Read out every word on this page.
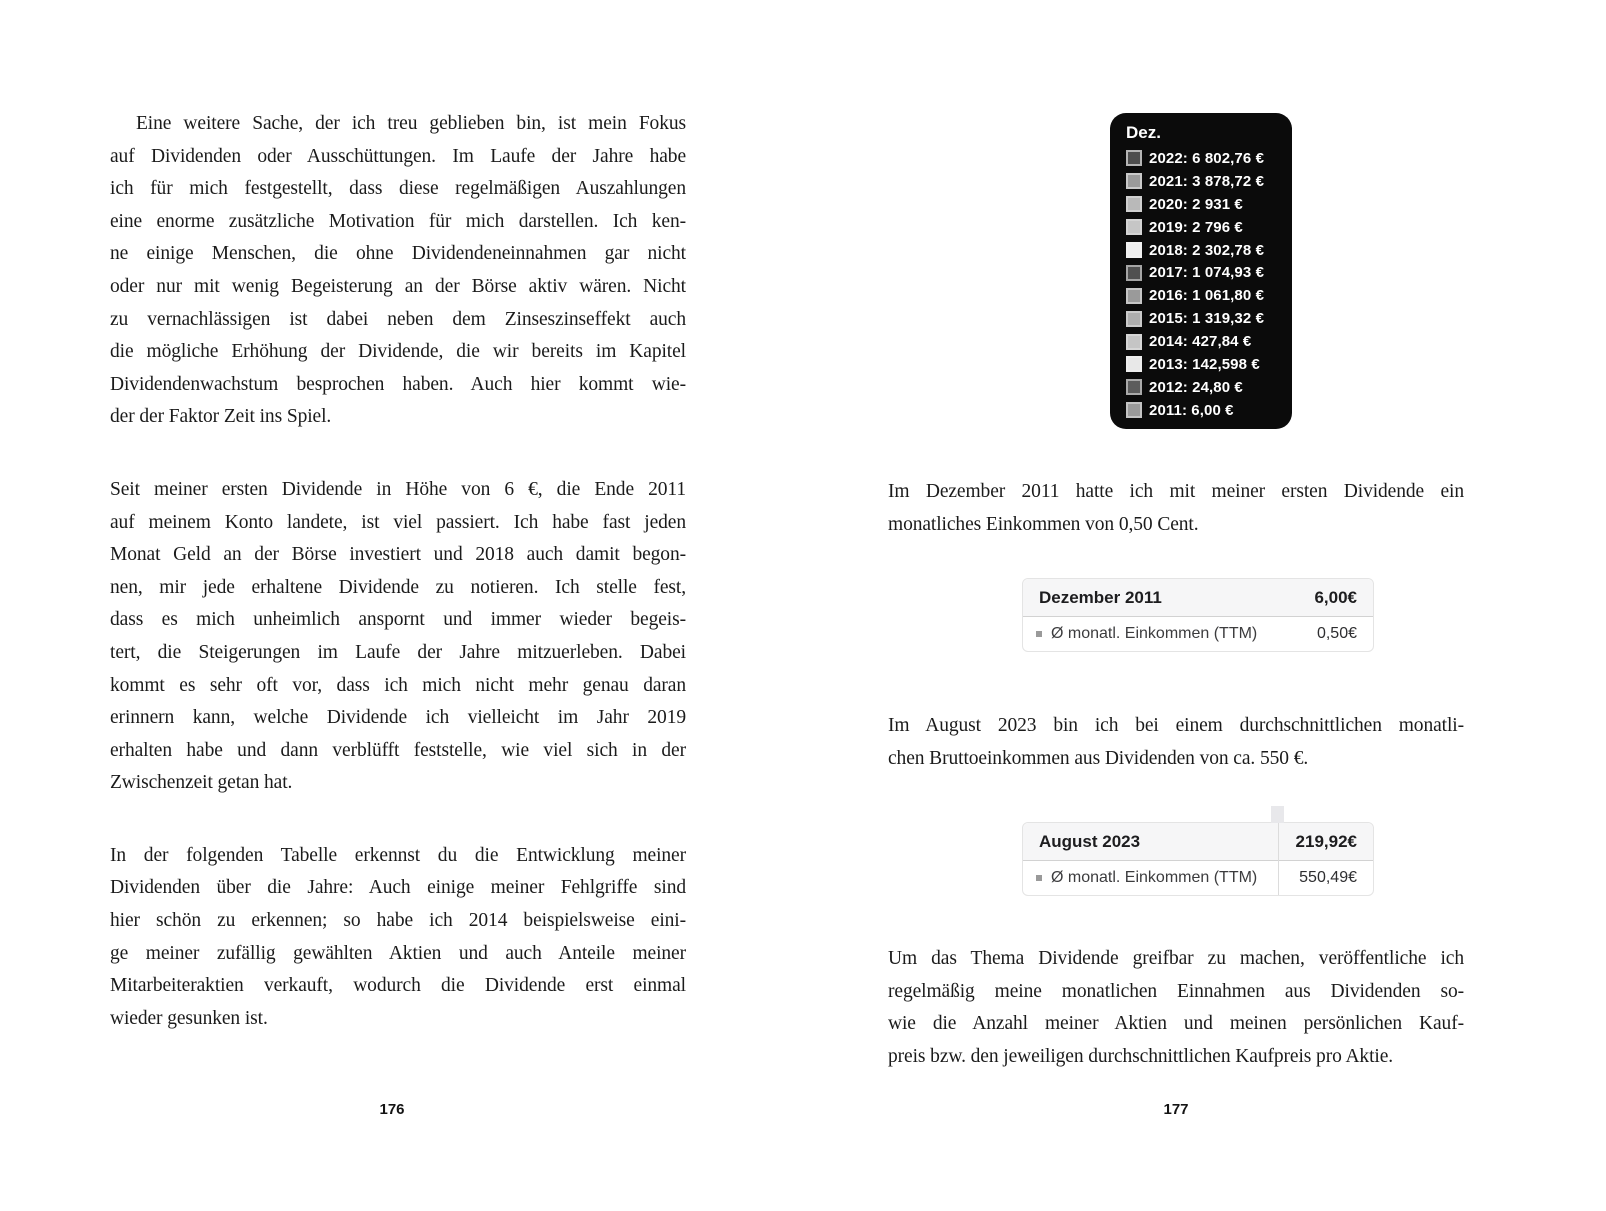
Eine weitere Sache, der ich treu geblieben bin, ist mein Fokus
auf Dividenden oder Ausschüttungen. Im Laufe der Jahre habe
ich für mich festgestellt, dass diese regelmäßigen Auszahlungen
eine enorme zusätzliche Motivation für mich darstellen. Ich ken-
ne einige Menschen, die ohne Dividendeneinnahmen gar nicht
oder nur mit wenig Begeisterung an der Börse aktiv wären. Nicht
zu vernachlässigen ist dabei neben dem Zinseszinseffekt auch
die mögliche Erhöhung der Dividende, die wir bereits im Kapitel
Dividendenwachstum besprochen haben. Auch hier kommt wie-
der der Faktor Zeit ins Spiel.
Seit meiner ersten Dividende in Höhe von 6 €, die Ende 2011
auf meinem Konto landete, ist viel passiert. Ich habe fast jeden
Monat Geld an der Börse investiert und 2018 auch damit begon-
nen, mir jede erhaltene Dividende zu notieren. Ich stelle fest,
dass es mich unheimlich anspornt und immer wieder begeis-
tert, die Steigerungen im Laufe der Jahre mitzuerleben. Dabei
kommt es sehr oft vor, dass ich mich nicht mehr genau daran
erinnern kann, welche Dividende ich vielleicht im Jahr 2019
erhalten habe und dann verblüfft feststelle, wie viel sich in der
Zwischenzeit getan hat.
In der folgenden Tabelle erkennst du die Entwicklung meiner
Dividenden über die Jahre: Auch einige meiner Fehlgriffe sind
hier schön zu erkennen; so habe ich 2014 beispielsweise eini-
ge meiner zufällig gewählten Aktien und auch Anteile meiner
Mitarbeiteraktien verkauft, wodurch die Dividende erst einmal
wieder gesunken ist.
Dez.
2022: 6 802,76 €
2021: 3 878,72 €
2020: 2 931 €
2019: 2 796 €
2018: 2 302,78 €
2017: 1 074,93 €
2016: 1 061,80 €
2015: 1 319,32 €
2014: 427,84 €
2013: 142,598 €
2012: 24,80 €
2011: 6,00 €
Im Dezember 2011 hatte ich mit meiner ersten Dividende ein
monatliches Einkommen von 0,50 Cent.
Dezember 2011	6,00€
Ø monatl. Einkommen (TTM)	0,50€
Im August 2023 bin ich bei einem durchschnittlichen monatli-
chen Bruttoeinkommen aus Dividenden von ca. 550 €.
August 2023	219,92€
Ø monatl. Einkommen (TTM)	550,49€
Um das Thema Dividende greifbar zu machen, veröffentliche ich
regelmäßig meine monatlichen Einnahmen aus Dividenden so-
wie die Anzahl meiner Aktien und meinen persönlichen Kauf-
preis bzw. den jeweiligen durchschnittlichen Kaufpreis pro Aktie.
176	177
